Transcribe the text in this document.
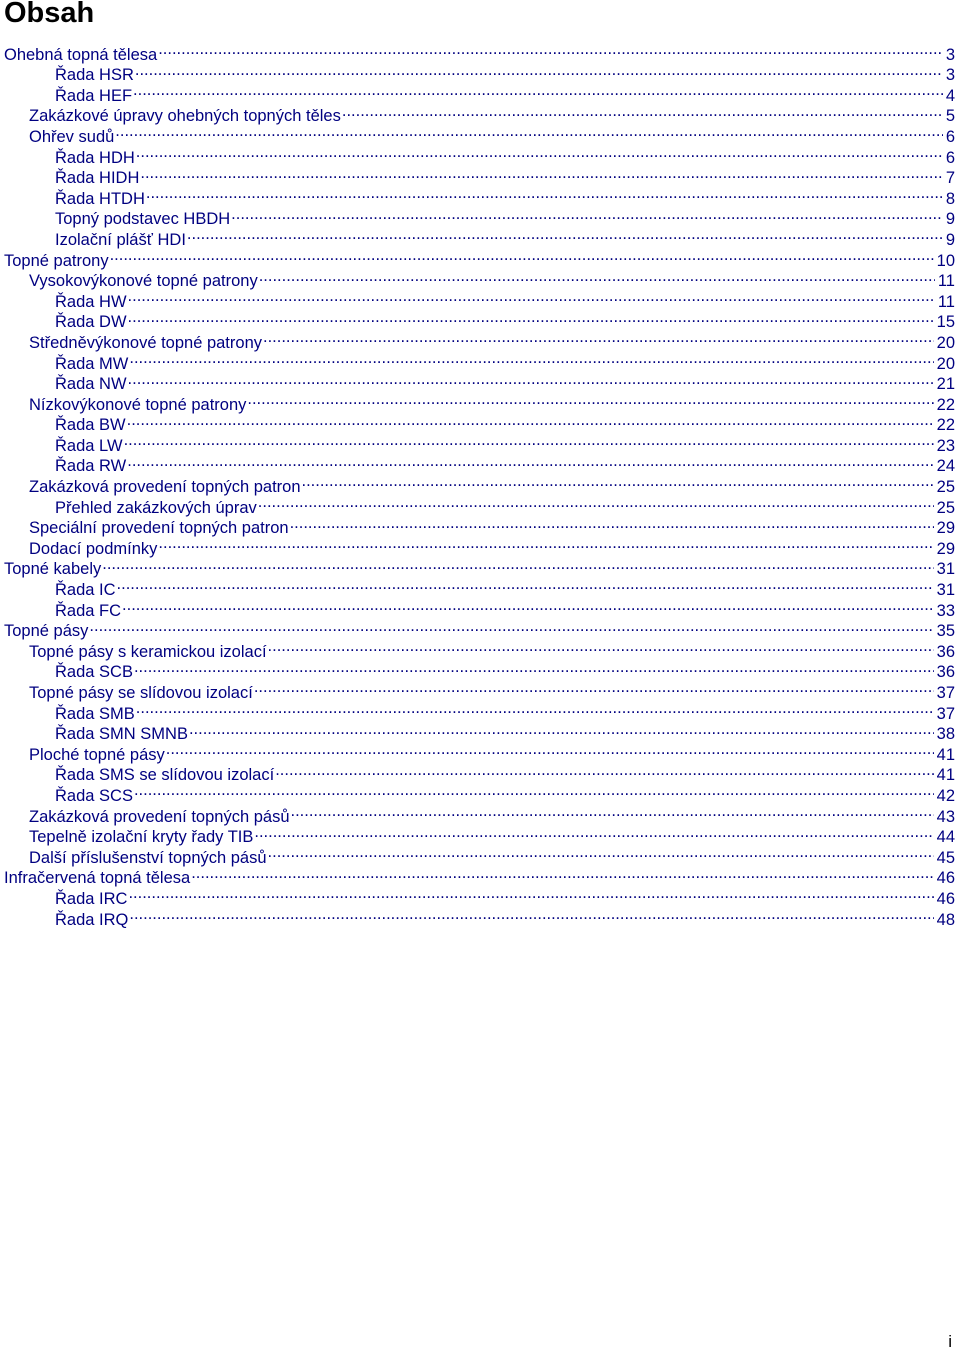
Obsah
Ohebná topná tělesa .....	3
Řada HSR .....	3
Řada HEF .....	4
Zakázkové úpravy ohebných topných těles .....	5
Ohřev sudů .....	6
Řada HDH .....	6
Řada HIDH .....	7
Řada HTDH .....	8
Topný podstavec HBDH .....	9
Izolační plášť HDI .....	9
Topné patrony .....	10
Vysokovýkonové topné patrony .....	11
Řada HW .....	11
Řada DW .....	15
Středněvýkonové topné patrony .....	20
Řada MW .....	20
Řada NW .....	21
Nízkovýkonové topné patrony .....	22
Řada BW .....	22
Řada LW .....	23
Řada RW .....	24
Zakázková provedení topných patron .....	25
Přehled zakázkových úprav .....	25
Speciální provedení topných patron .....	29
Dodací podmínky .....	29
Topné kabely .....	31
Řada IC .....	31
Řada FC .....	33
Topné pásy .....	35
Topné pásy s keramickou izolací .....	36
Řada SCB .....	36
Topné pásy se slídovou izolací .....	37
Řada SMB .....	37
Řada SMN SMNB .....	38
Ploché topné pásy .....	41
Řada SMS se slídovou izolací .....	41
Řada SCS .....	42
Zakázková provedení topných pásů .....	43
Tepelně izolační kryty řady TIB .....	44
Další příslušenství topných pásů .....	45
Infračervená topná tělesa .....	46
Řada IRC .....	46
Řada IRQ .....	48

i
